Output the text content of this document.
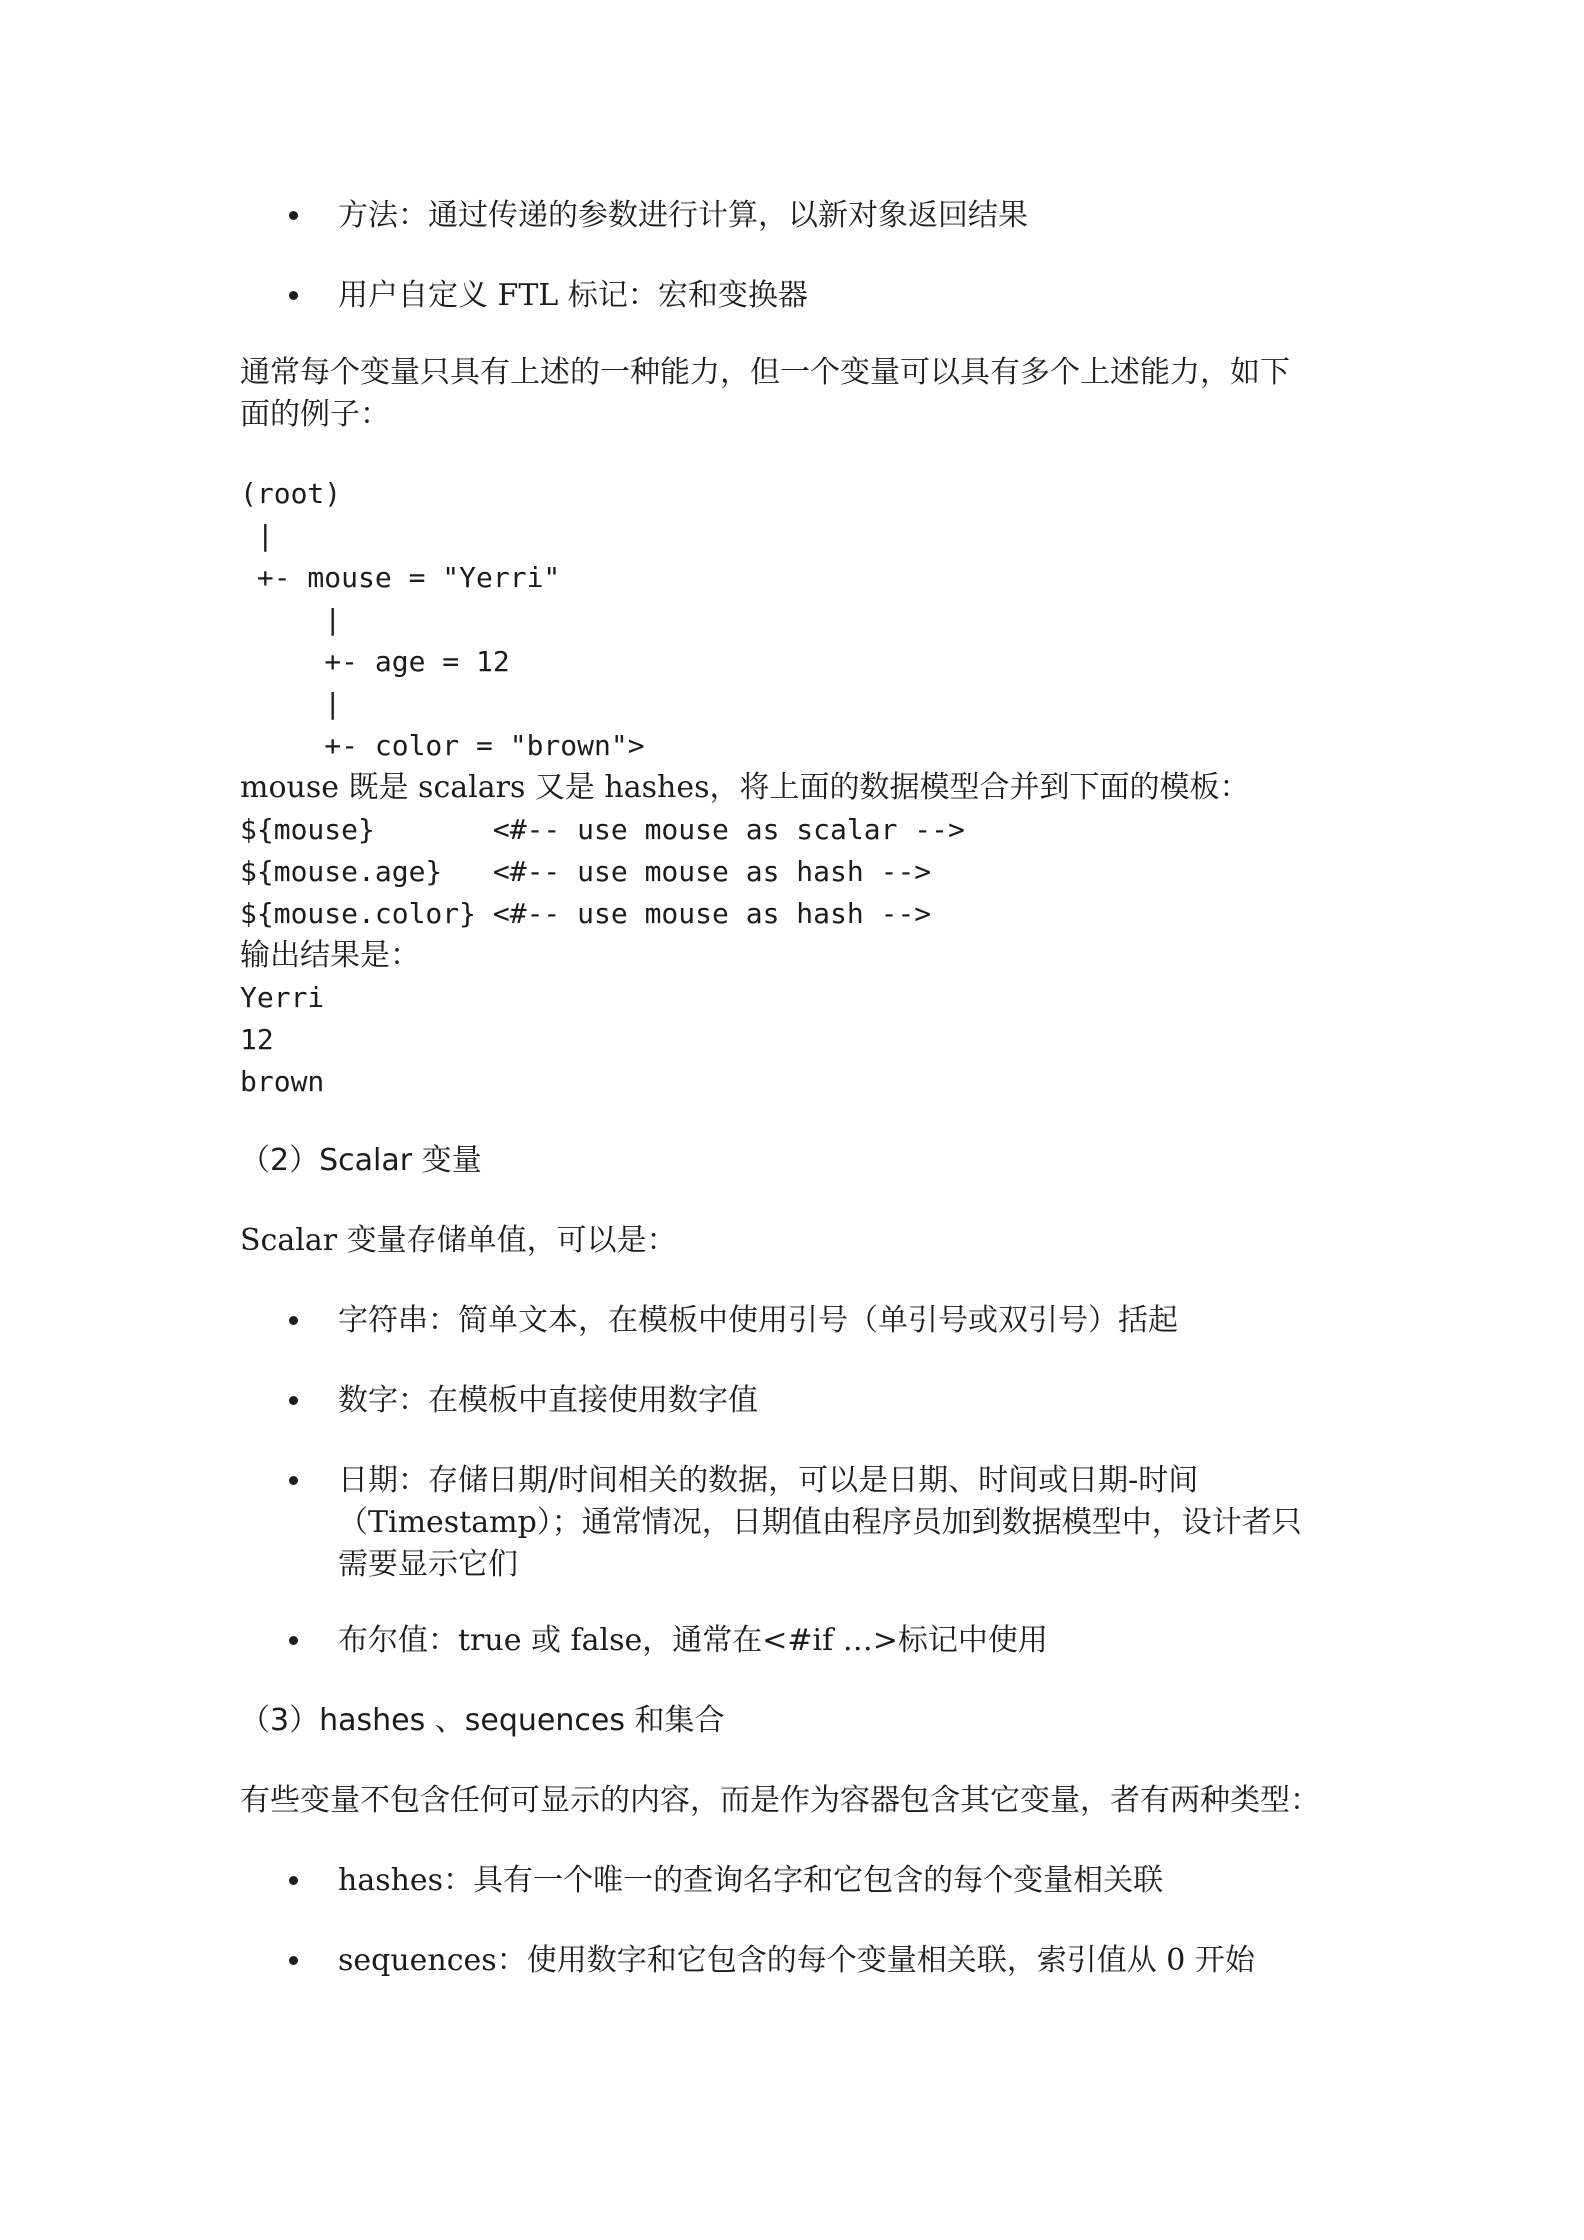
方法：通过传递的参数进行计算，以新对象返回结果
用户自定义 FTL 标记：宏和变换器
通常每个变量只具有上述的一种能力，但一个变量可以具有多个上述能力，如下
面的例子：
(root)
|
+- mouse = "Yerri"
|
+- age = 12
|
+- color = "brown">
mouse 既是 scalars 又是 hashes，将上面的数据模型合并到下面的模板：
${mouse}       <#-- use mouse as scalar -->
${mouse.age}   <#-- use mouse as hash -->
${mouse.color} <#-- use mouse as hash -->
输出结果是：
Yerri
12
brown
（2）Scalar 变量
Scalar 变量存储单值，可以是：
字符串：简单文本，在模板中使用引号（单引号或双引号）括起
数字：在模板中直接使用数字值
日期：存储日期/时间相关的数据，可以是日期、时间或日期-时间
（Timestamp）；通常情况，日期值由程序员加到数据模型中，设计者只
需要显示它们
布尔值：true 或 false，通常在<#if …>标记中使用
（3）hashes 、sequences 和集合
有些变量不包含任何可显示的内容，而是作为容器包含其它变量，者有两种类型：
hashes：具有一个唯一的查询名字和它包含的每个变量相关联
sequences：使用数字和它包含的每个变量相关联，索引值从 0 开始
